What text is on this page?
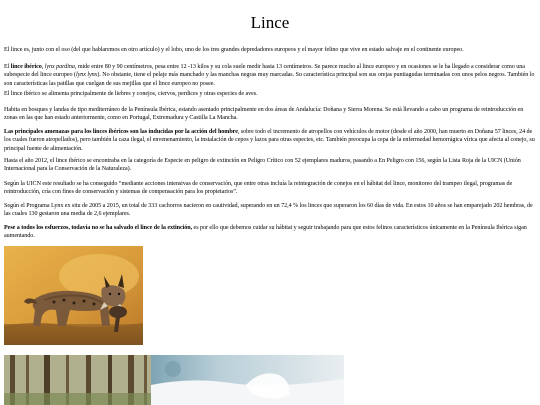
Lince

El lince es, junto con el oso (del que hablaremos en otro artículo) y el lobo, uno de los tres grandes depredadores europeos y el mayor felino que vive en estado salvaje en el continente europeo.

El lince ibérico, lynx pardina, mide entre 80 y 90 centímetros, pesa entre 12 -13 kilos y su cola suele medir hasta 13 centímetros. Se parece mucho al lince europeo y en ocasiones se le ha llegado a considerar como una subespecie del lince europeo (lynx lynx). No obstante, tiene el pelaje más manchado y las manchas negras muy marcadas. Su característica principal son sus orejas puntiagudas terminadas con unos pelos negros. También lo son características las patillas que cuelgan de sus mejillas que el lince europeo no posee.

El lince ibérico se alimenta principalmente de liebres y conejos, ciervos, perdices y otras especies de aves.

Habita en bosques y landas de tipo mediterráneo de la Península Ibérica, estando asentado principalmente en dos áreas de Andalucía: Doñana y Sierra Morena. Se está llevando a cabo un programa de reintroducción en zonas en las que han estado anteriormente, como en Portugal, Extremadura y Castilla La Mancha.

Las principales amenazas para los linces ibéricos son las inducidas por la acción del hombre, sobre todo el incremento de atropellos con vehículos de motor (desde el año 2000, han muerto en Doñana 57 linces, 24 de los cuales fueron atropellados), pero también la caza ilegal, el envenenamiento, la instalación de cepos y lazos para otras especies, etc. También preocupa la cepa de la enfermedad hemorrágica vírica que afecta al conejo, su principal fuente de alimentación.

Hasta el año 2012, el lince ibérico se encontraba en la categoría de Especie en peligro de extinción en Peligro Crítico con 52 ejemplares maduros, pasando a En Peligro con 156, según la Lista Roja de la UICN (Unión Internacional para la Conservación de la Naturaleza).

Según la UICN este resultado se ha conseguido “mediante acciones intensivas de conservación, que entre otras incluía la reintegración de conejos en el hábitat del lince, monitoreo del trampeo ilegal, programas de reintroducción, cría con fines de conservación y sistemas de compensación para los propietarios”.

Según el Programa Lynx ex situ de 2005 a 2015, un total de 333 cachorros nacieron en cautividad, superando en un 72,4 % los linces que superaron los 60 días de vida. En estos 10 años se han emparejado 202 hembras, de las cuales 130 gestaron una media de 2,6 ejemplares.

Pese a todos los esfuerzos, todavía no se ha salvado el lince de la extinción, es por ello que debemos cuidar su hábitat y seguir trabajando para que estos felinos característicos únicamente en la Península Ibérica sigan aumentando.
